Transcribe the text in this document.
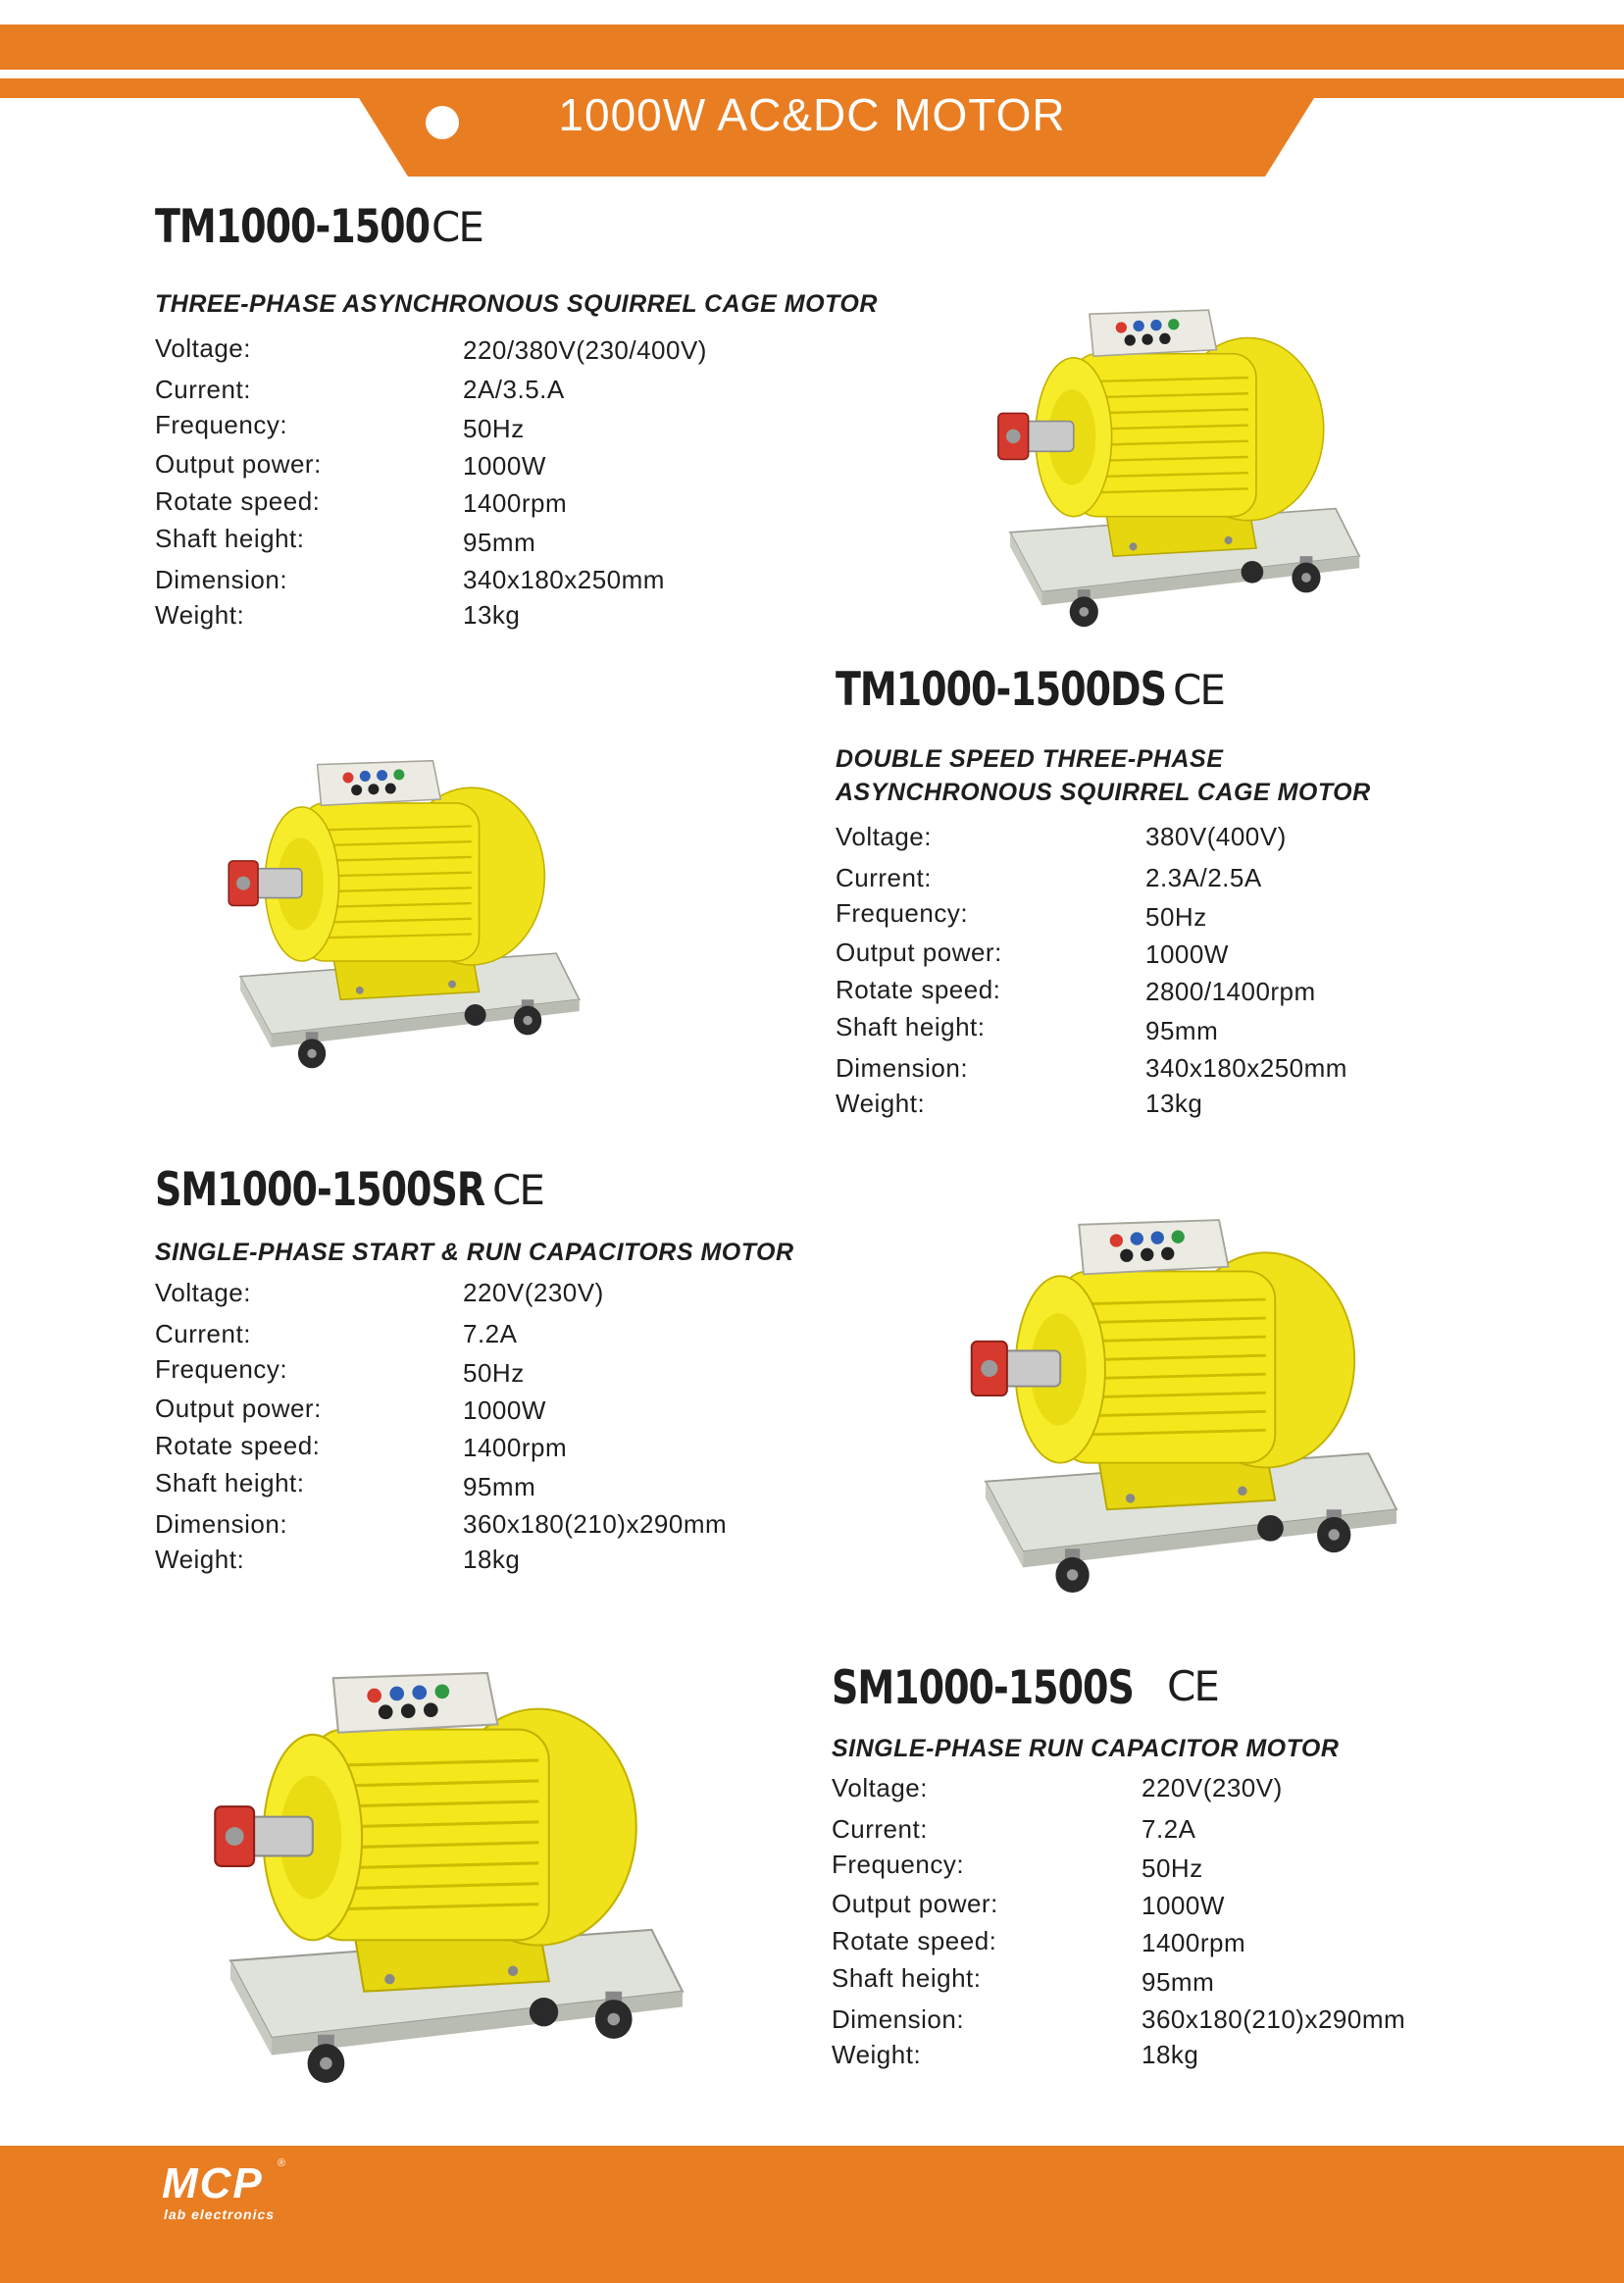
1000W AC&DC MOTOR
TM1000-1500 CE
THREE-PHASE ASYNCHRONOUS SQUIRREL CAGE MOTOR
Voltage:	220/380V(230/400V)
Current:	2A/3.5.A
Frequency:	50Hz
Output power:	1000W
Rotate speed:	1400rpm
Shaft height:	95mm
Dimension:	340x180x250mm
Weight:	13kg
TM1000-1500DS CE
DOUBLE SPEED THREE-PHASE
ASYNCHRONOUS SQUIRREL CAGE MOTOR
Voltage:	380V(400V)
Current:	2.3A/2.5A
Frequency:	50Hz
Output power:	1000W
Rotate speed:	2800/1400rpm
Shaft height:	95mm
Dimension:	340x180x250mm
Weight:	13kg
SM1000-1500SR CE
SINGLE-PHASE START & RUN CAPACITORS MOTOR
Voltage:	220V(230V)
Current:	7.2A
Frequency:	50Hz
Output power:	1000W
Rotate speed:	1400rpm
Shaft height:	95mm
Dimension:	360x180(210)x290mm
Weight:	18kg
SM1000-1500S CE
SINGLE-PHASE RUN CAPACITOR MOTOR
Voltage:	220V(230V)
Current:	7.2A
Frequency:	50Hz
Output power:	1000W
Rotate speed:	1400rpm
Shaft height:	95mm
Dimension:	360x180(210)x290mm
Weight:	18kg
MCP ®
lab electronics
